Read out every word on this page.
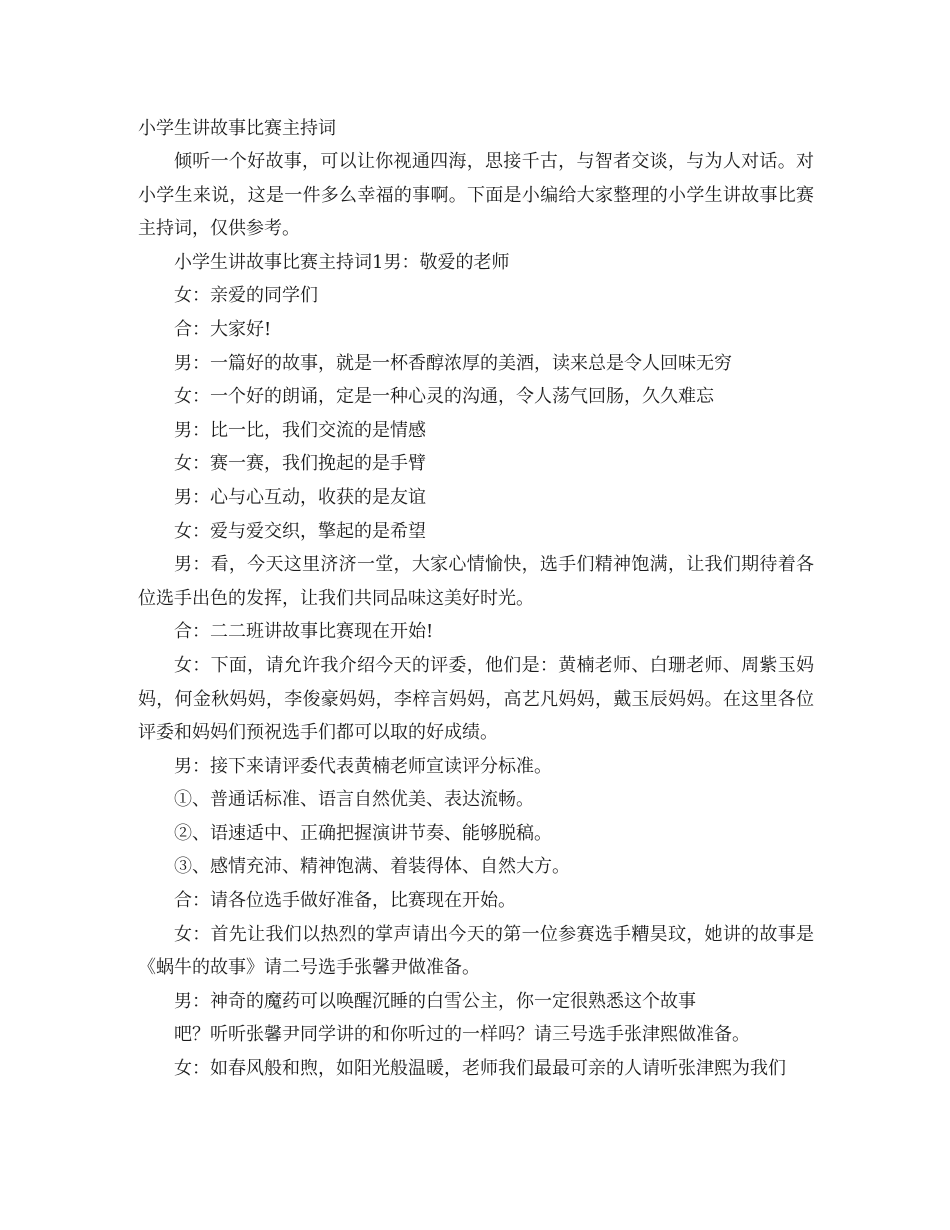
小学生讲故事比赛主持词

倾听一个好故事，可以让你视通四海，思接千古，与智者交谈，与为人对话。对小学生来说，这是一件多么幸福的事啊。下面是小编给大家整理的小学生讲故事比赛主持词，仅供参考。

小学生讲故事比赛主持词1男：敬爱的老师

女：亲爱的同学们

合：大家好!

男：一篇好的故事，就是一杯香醇浓厚的美酒，读来总是令人回味无穷

女：一个好的朗诵，定是一种心灵的沟通，令人荡气回肠，久久难忘

男：比一比，我们交流的是情感

女：赛一赛，我们挽起的是手臂

男：心与心互动，收获的是友谊

女：爱与爱交织，擎起的是希望

男：看，今天这里济济一堂，大家心情愉快，选手们精神饱满，让我们期待着各位选手出色的发挥，让我们共同品味这美好时光。

合：二二班讲故事比赛现在开始!

女：下面，请允许我介绍今天的评委，他们是：黄楠老师、白珊老师、周紫玉妈妈，何金秋妈妈，李俊豪妈妈，李梓言妈妈，高艺凡妈妈，戴玉辰妈妈。在这里各位评委和妈妈们预祝选手们都可以取的好成绩。

男：接下来请评委代表黄楠老师宣读评分标准。

①、普通话标准、语言自然优美、表达流畅。

②、语速适中、正确把握演讲节奏、能够脱稿。

③、感情充沛、精神饱满、着装得体、自然大方。

合：请各位选手做好准备，比赛现在开始。

女：首先让我们以热烈的掌声请出今天的第一位参赛选手糟昊玟，她讲的故事是《蜗牛的故事》请二号选手张馨尹做准备。

男：神奇的魔药可以唤醒沉睡的白雪公主，你一定很熟悉这个故事

吧？听听张馨尹同学讲的和你听过的一样吗？请三号选手张津熙做准备。

女：如春风般和煦，如阳光般温暖，老师我们最最可亲的人请听张津熙为我们
